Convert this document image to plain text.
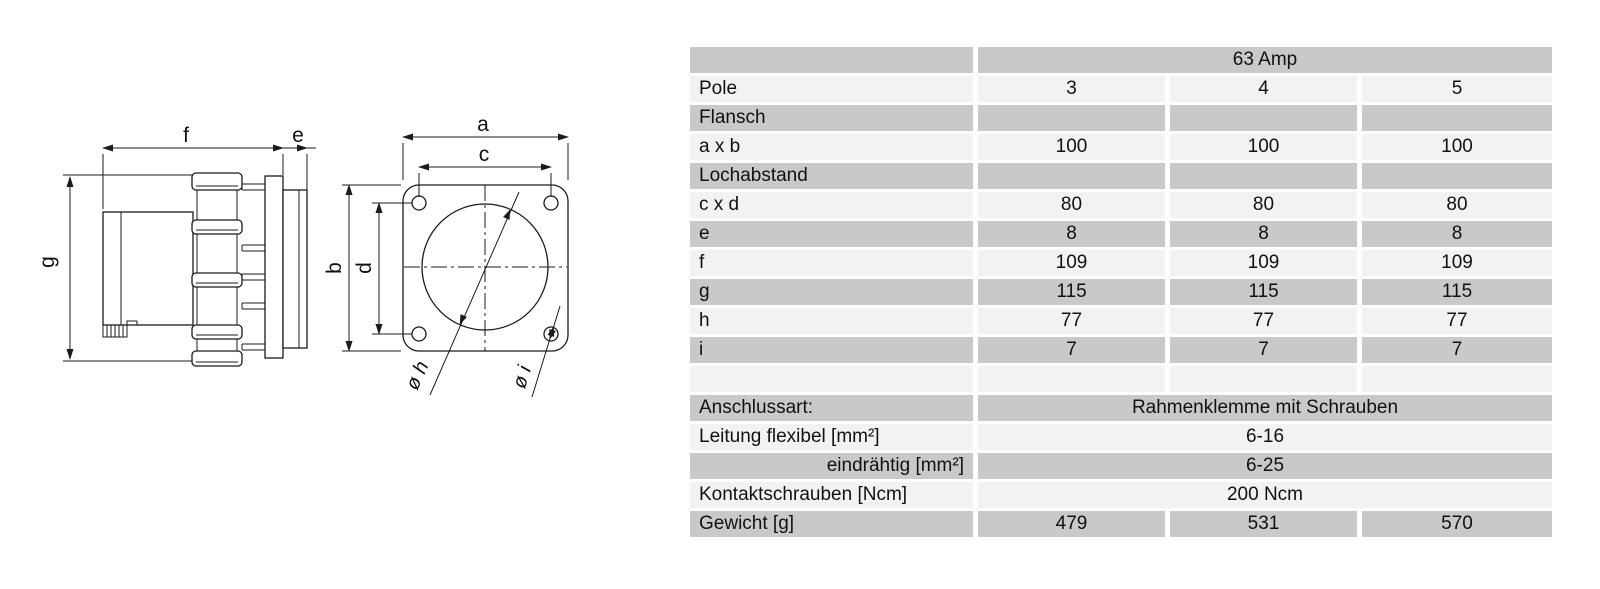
g
f	e	a
c
b d
ø h	ø i
63 Amp
Pole	3	4	5
Flansch
a x b	100	100	100
Lochabstand
c x d	80	80	80
e	8	8	8
f	109	109	109
g	115	115	115
h	77	77	77
i	7	7	7
Anschlussart:	Rahmenklemme mit Schrauben
Leitung flexibel [mm²]	6-16
eindrähtig [mm²]	6-25
Kontaktschrauben [Ncm]	200 Ncm
Gewicht [g]	479	531	570
